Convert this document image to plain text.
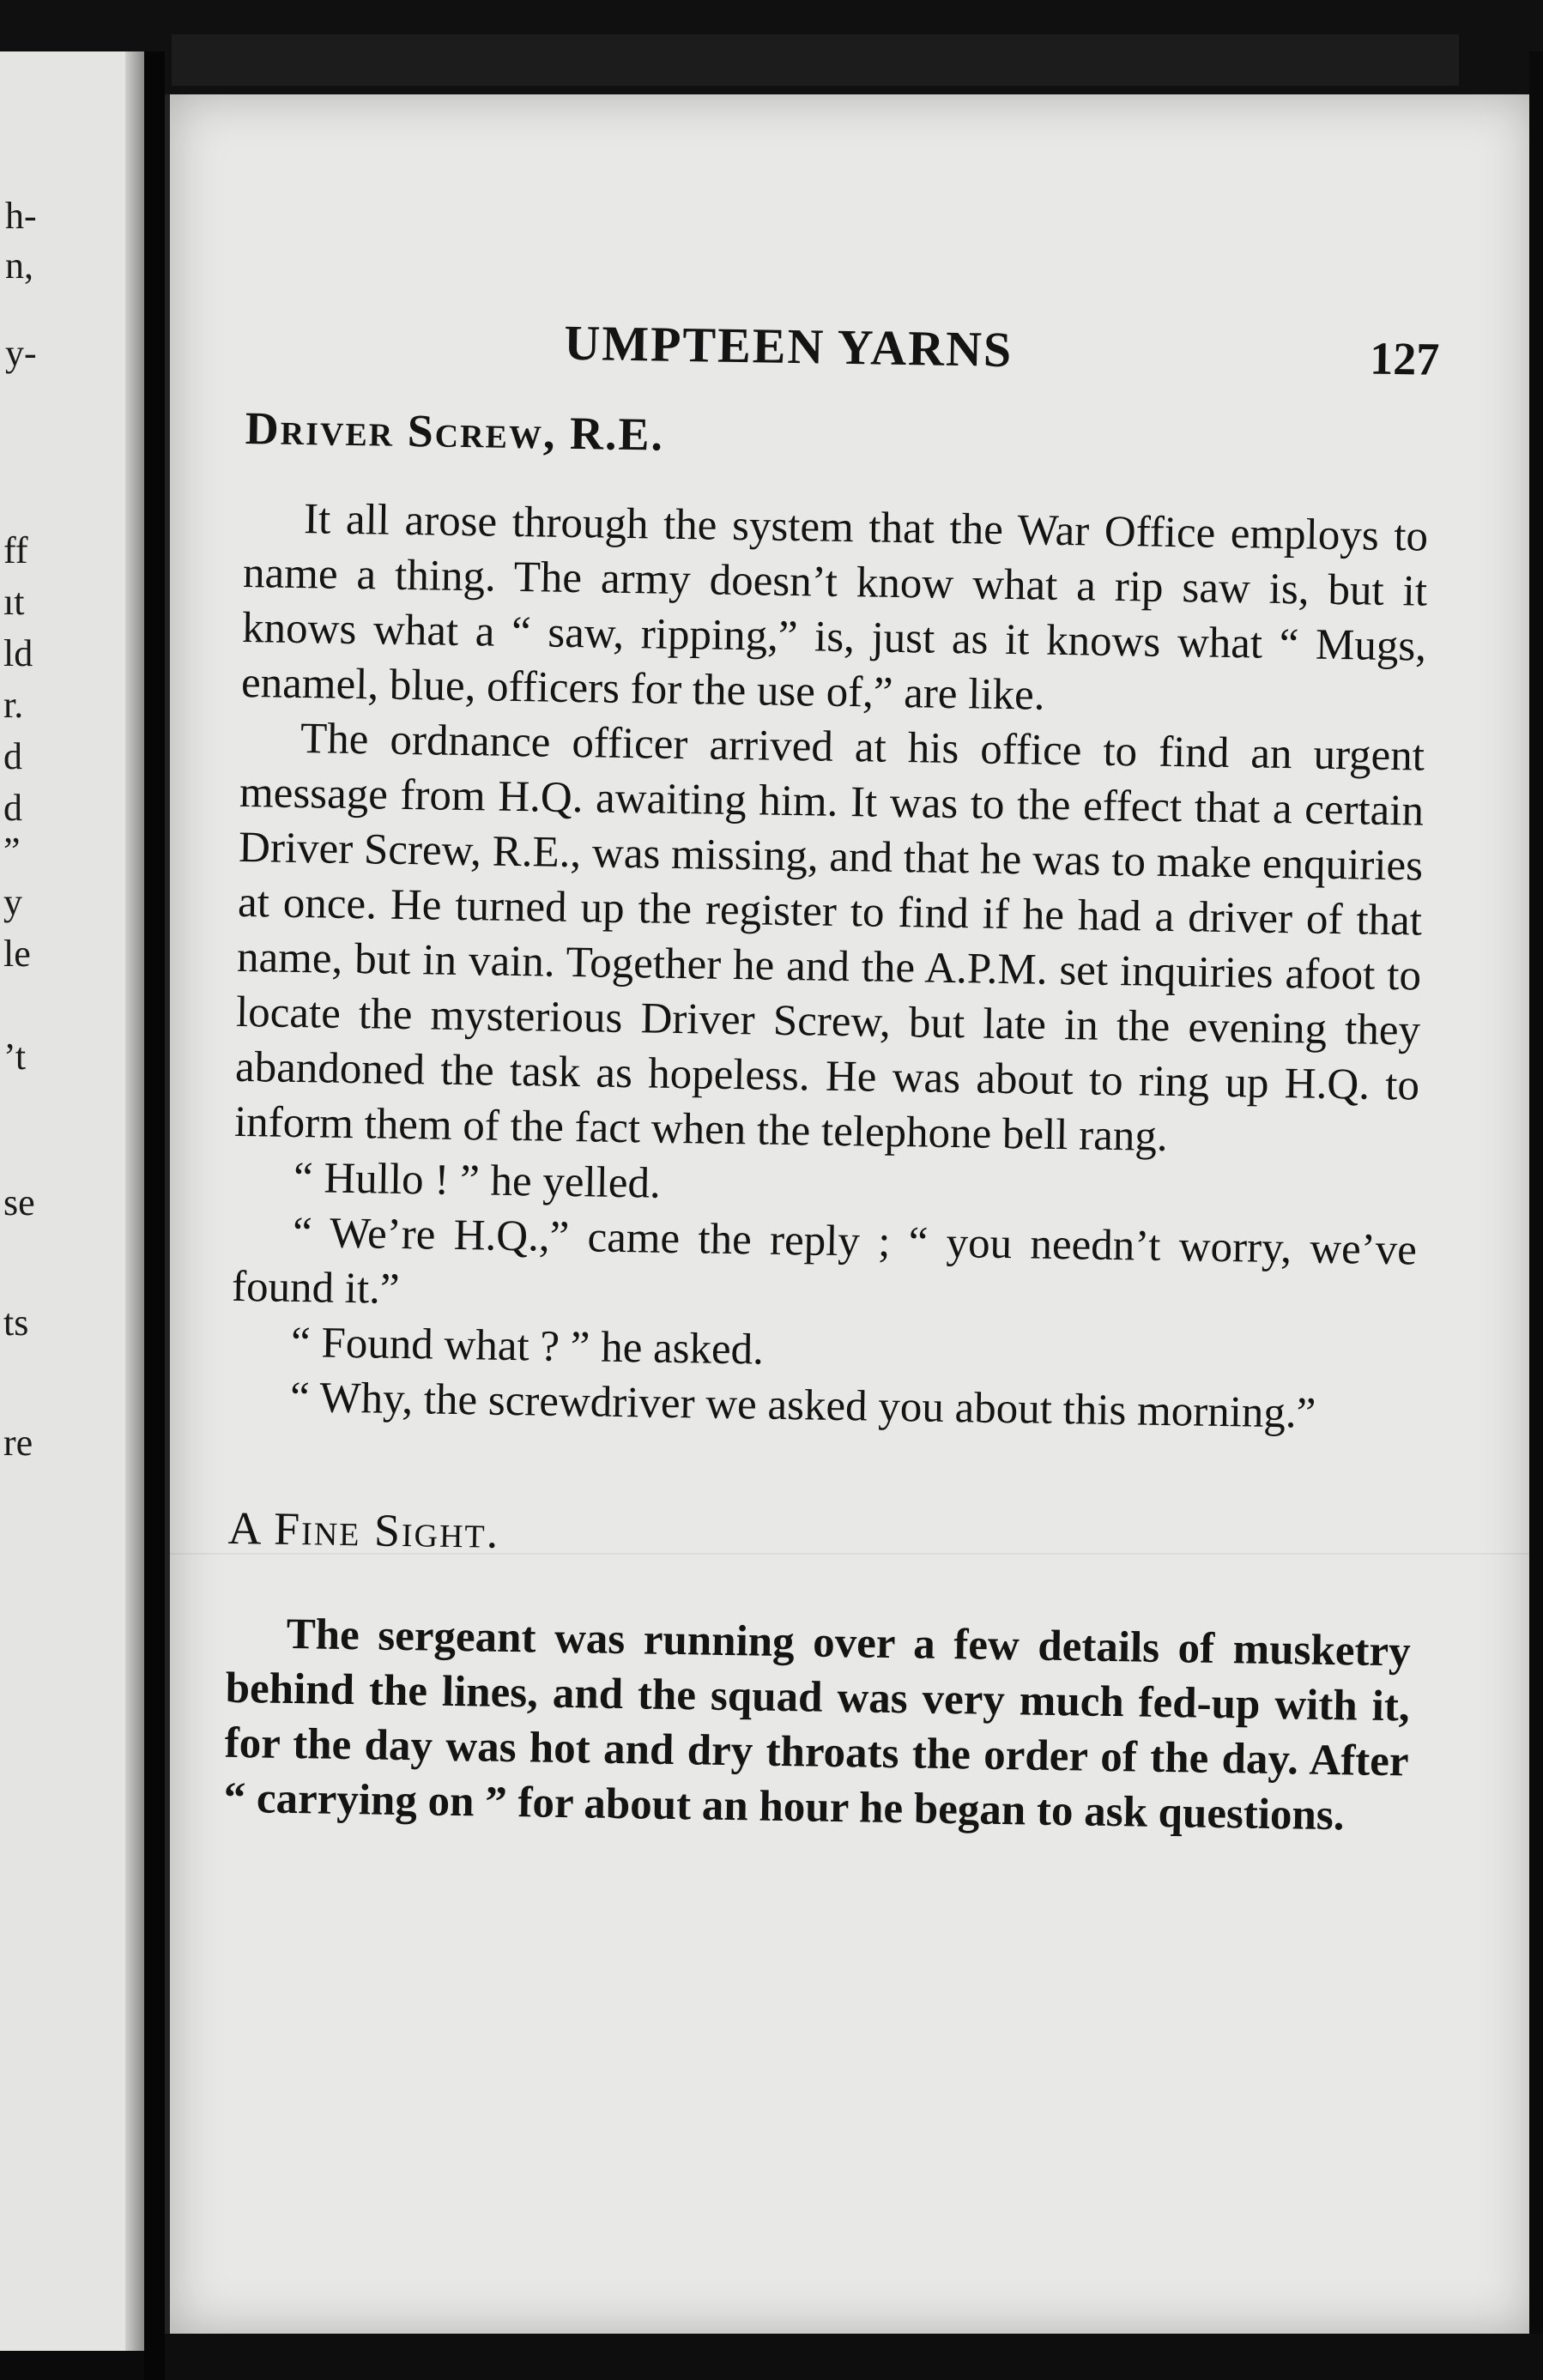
h-
n,
y-
ff
ıt
ld
r.
d
d
”
y
le
’t
se
ts
re
UMPTEEN YARNS	127
Driver Screw, R.E.

It all arose through the system that the War Office employs to name a thing. The army doesn’t know what a rip saw is, but it knows what a “ saw, ripping,” is, just as it knows what “ Mugs, enamel, blue, officers for the use of,” are like.

The ordnance officer arrived at his office to find an urgent message from H.Q. awaiting him. It was to the effect that a certain Driver Screw, R.E., was missing, and that he was to make enquiries at once. He turned up the register to find if he had a driver of that name, but in vain. Together he and the A.P.M. set inquiries afoot to locate the mysterious Driver Screw, but late in the evening they abandoned the task as hopeless. He was about to ring up H.Q. to inform them of the fact when the telephone bell rang.

“ Hullo ! ” he yelled.

“ We’re H.Q.,” came the reply ; “ you needn’t worry, we’ve found it.”

“ Found what ? ” he asked.

“ Why, the screwdriver we asked you about this morning.”

A Fine Sight.

The sergeant was running over a few details of musketry behind the lines, and the squad was very much fed-up with it, for the day was hot and dry throats the order of the day. After “ carrying on ” for about an hour he began to ask questions.
